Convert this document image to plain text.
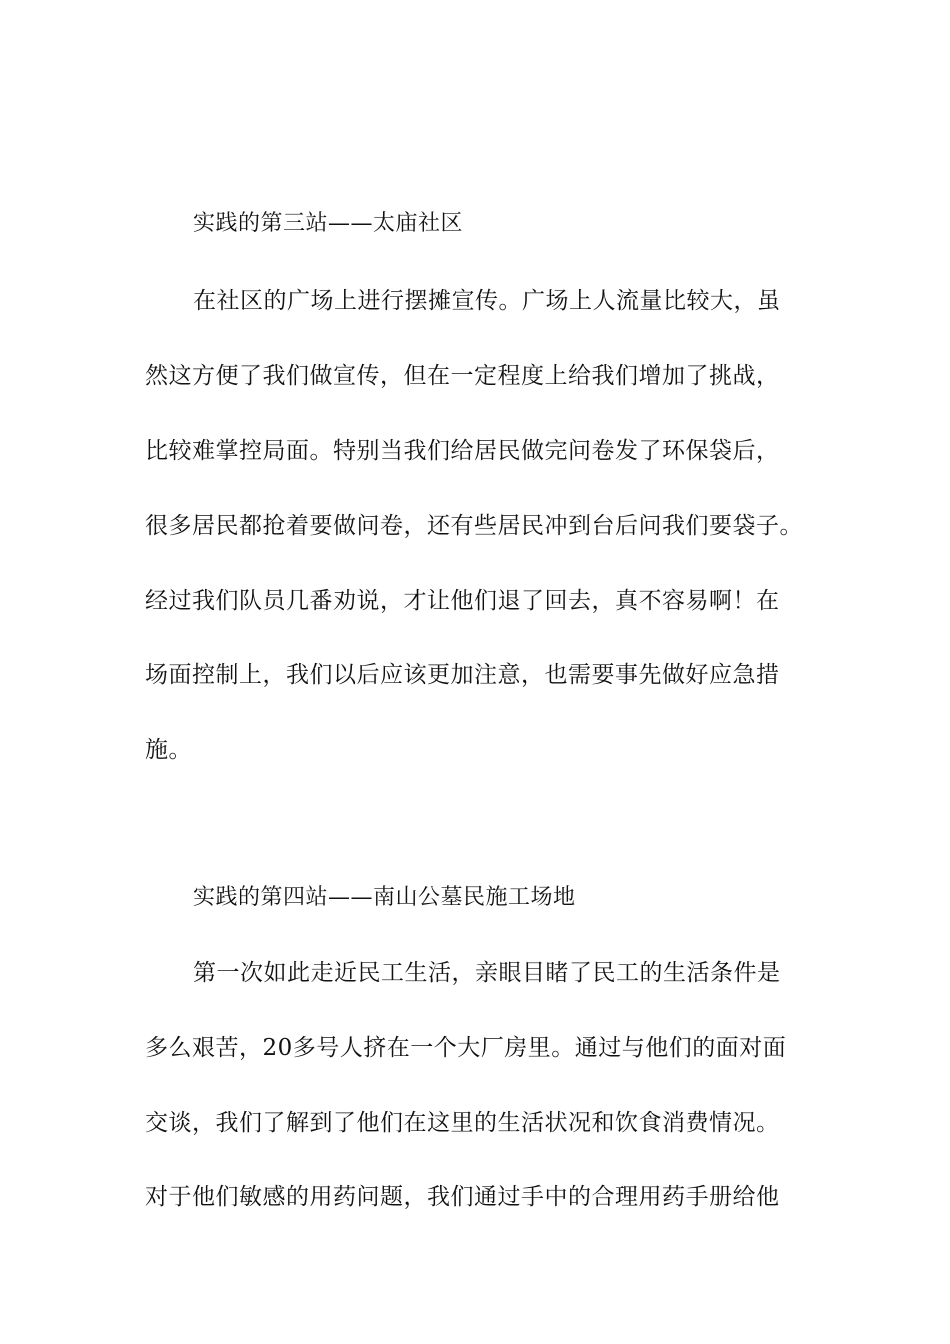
实践的第三站——太庙社区
在社区的广场上进行摆摊宣传。广场上人流量比较大，虽
然这方便了我们做宣传，但在一定程度上给我们增加了挑战，
比较难掌控局面。特别当我们给居民做完问卷发了环保袋后，
很多居民都抢着要做问卷，还有些居民冲到台后问我们要袋子。
经过我们队员几番劝说，才让他们退了回去，真不容易啊！在
场面控制上，我们以后应该更加注意，也需要事先做好应急措
施。
实践的第四站——南山公墓民施工场地
第一次如此走近民工生活，亲眼目睹了民工的生活条件是
多么艰苦，20多号人挤在一个大厂房里。通过与他们的面对面
交谈，我们了解到了他们在这里的生活状况和饮食消费情况。
对于他们敏感的用药问题，我们通过手中的合理用药手册给他
